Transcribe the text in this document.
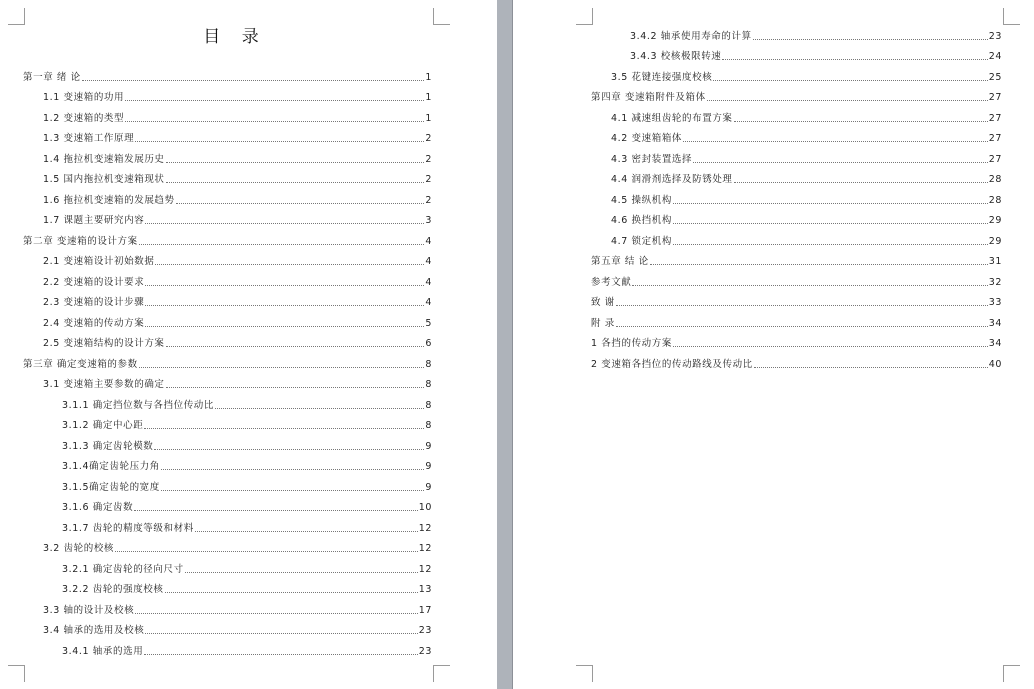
目 录
第一章 绪 论	1
1.1 变速箱的功用	1
1.2 变速箱的类型	1
1.3 变速箱工作原理	2
1.4 拖拉机变速箱发展历史	2
1.5 国内拖拉机变速箱现状	2
1.6 拖拉机变速箱的发展趋势	2
1.7 课题主要研究内容	3
第二章 变速箱的设计方案	4
2.1 变速箱设计初始数据	4
2.2 变速箱的设计要求	4
2.3 变速箱的设计步骤	4
2.4 变速箱的传动方案	5
2.5 变速箱结构的设计方案	6
第三章 确定变速箱的参数	8
3.1 变速箱主要参数的确定	8
3.1.1 确定挡位数与各挡位传动比	8
3.1.2 确定中心距	8
3.1.3 确定齿轮模数	9
3.1.4确定齿轮压力角	9
3.1.5确定齿轮的宽度	9
3.1.6 确定齿数	10
3.1.7 齿轮的精度等级和材料	12
3.2 齿轮的校核	12
3.2.1 确定齿轮的径向尺寸	12
3.2.2 齿轮的强度校核	13
3.3 轴的设计及校核	17
3.4 轴承的选用及校核	23
3.4.1 轴承的选用	23
3.4.2 轴承使用寿命的计算	23
3.4.3 校核极限转速	24
3.5 花键连接强度校核	25
第四章 变速箱附件及箱体	27
4.1 减速组齿轮的布置方案	27
4.2 变速箱箱体	27
4.3 密封装置选择	27
4.4 润滑剂选择及防锈处理	28
4.5 操纵机构	28
4.6 换挡机构	29
4.7 锁定机构	29
第五章 结 论	31
参考文献	32
致 谢	33
附 录	34
1 各挡的传动方案	34
2 变速箱各挡位的传动路线及传动比	40
